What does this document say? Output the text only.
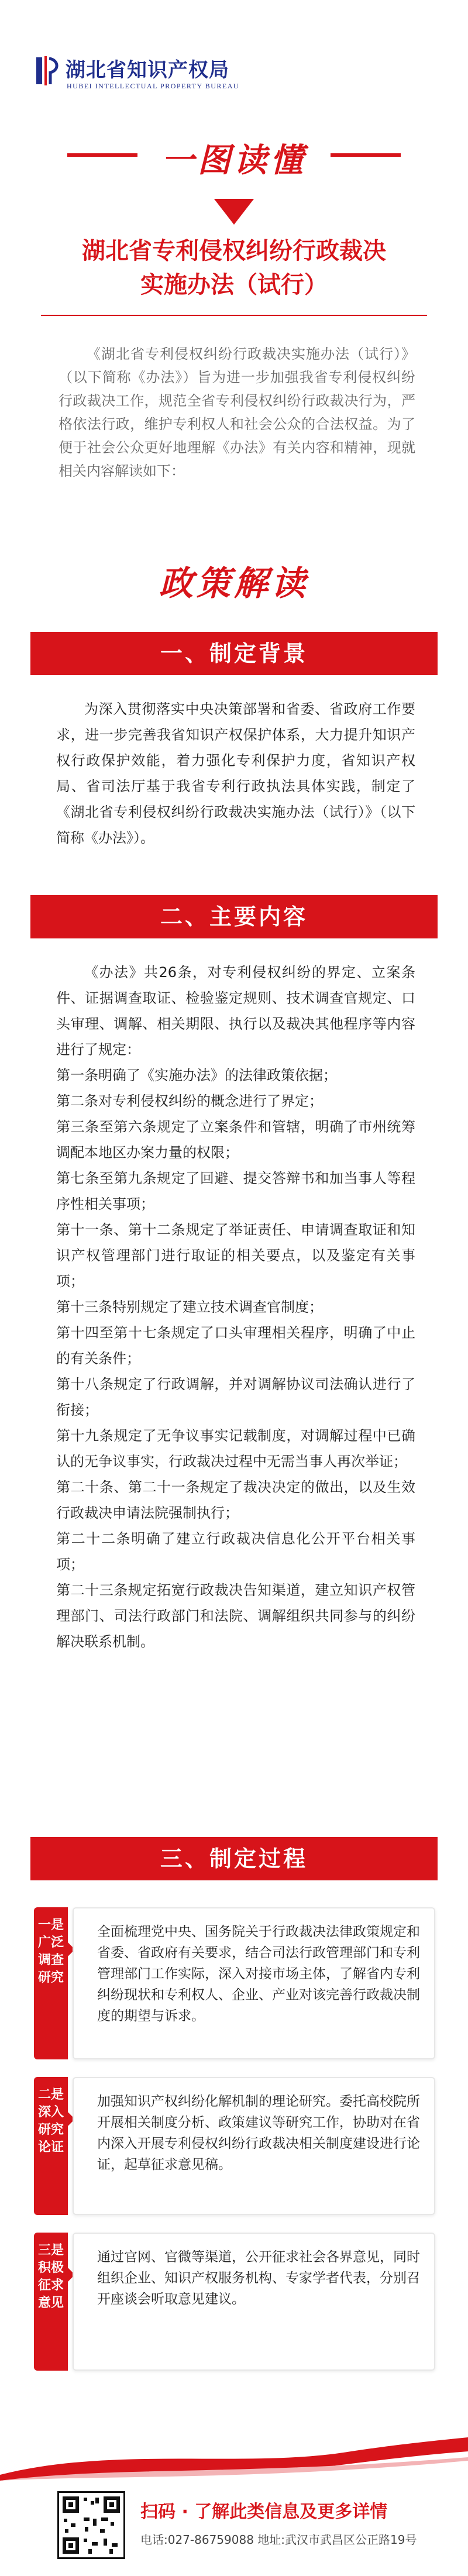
湖北省知识产权局
HUBEI INTELLECTUAL PROPERTY BUREAU
一图读懂
湖北省专利侵权纠纷行政裁决
实施办法（试行）
《湖北省专利侵权纠纷行政裁决实施办法（试行）》（以下简称《办法》）旨为进一步加强我省专利侵权纠纷行政裁决工作，规范全省专利侵权纠纷行政裁决行为，严格依法行政，维护专利权人和社会公众的合法权益。为了便于社会公众更好地理解《办法》有关内容和精神，现就相关内容解读如下：
政策解读
一、制定背景
为深入贯彻落实中央决策部署和省委、省政府工作要求，进一步完善我省知识产权保护体系，大力提升知识产权行政保护效能，着力强化专利保护力度，省知识产权局、省司法厅基于我省专利行政执法具体实践，制定了《湖北省专利侵权纠纷行政裁决实施办法（试行）》（以下简称《办法》）。
二、主要内容

《办法》共26条，对专利侵权纠纷的界定、立案条件、证据调查取证、检验鉴定规则、技术调查官规定、口头审理、调解、相关期限、执行以及裁决其他程序等内容进行了规定：

第一条明确了《实施办法》的法律政策依据；

第二条对专利侵权纠纷的概念进行了界定；

第三条至第六条规定了立案条件和管辖，明确了市州统筹调配本地区办案力量的权限；

第七条至第九条规定了回避、提交答辩书和加当事人等程序性相关事项；

第十一条、第十二条规定了举证责任、申请调查取证和知识产权管理部门进行取证的相关要点，以及鉴定有关事项；

第十三条特别规定了建立技术调查官制度；

第十四至第十七条规定了口头审理相关程序，明确了中止的有关条件；

第十八条规定了行政调解，并对调解协议司法确认进行了衔接；

第十九条规定了无争议事实记载制度，对调解过程中已确认的无争议事实，行政裁决过程中无需当事人再次举证；

第二十条、第二十一条规定了裁决决定的做出，以及生效行政裁决申请法院强制执行；

第二十二条明确了建立行政裁决信息化公开平台相关事项；

第二十三条规定拓宽行政裁决告知渠道，建立知识产权管理部门、司法行政部门和法院、调解组织共同参与的纠纷解决联系机制。

三、制定过程
一是广泛调查研究
全面梳理党中央、国务院关于行政裁决法律政策规定和省委、省政府有关要求，结合司法行政管理部门和专利管理部门工作实际，深入对接市场主体，了解省内专利纠纷现状和专利权人、企业、产业对该完善行政裁决制度的期望与诉求。
二是深入研究论证
加强知识产权纠纷化解机制的理论研究。委托高校院所开展相关制度分析、政策建议等研究工作，协助对在省内深入开展专利侵权纠纷行政裁决相关制度建设进行论证，起草征求意见稿。
三是积极征求意见
通过官网、官微等渠道，公开征求社会各界意见，同时组织企业、知识产权服务机构、专家学者代表，分别召开座谈会听取意见建议。
扫码 · 了解此类信息及更多详情
电话:027-86759088 地址:武汉市武昌区公正路19号
